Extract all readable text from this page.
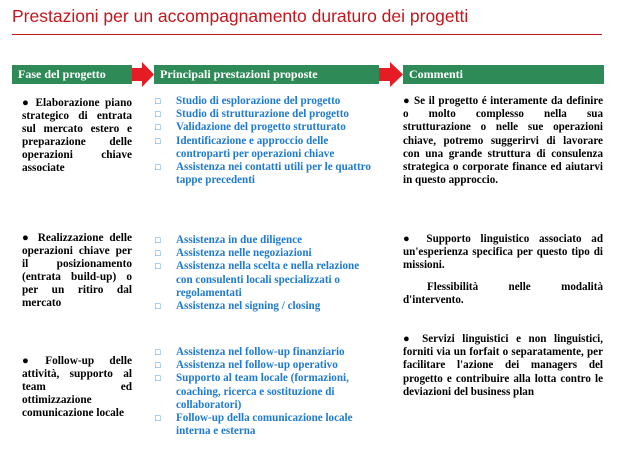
Prestazioni per un accompagnamento duraturo dei progetti
Fase del progetto	Principali prestazioni proposte	Commenti
● Elaborazione piano strategico di entrata sul mercato estero e preparazione delle operazioni chiave associate
□ Studio di esplorazione del progetto
□ Studio di strutturazione del progetto
□ Validazione del progetto strutturato
□ Identificazione e approccio delle controparti per operazioni chiave
□ Assistenza nei contatti utili per le quattro tappe precedenti
● Se il progetto é interamente da definire o molto complesso nella sua strutturazione o nelle sue operazioni chiave, potremo suggerirvi di lavorare con una grande struttura di consulenza strategica o corporate finance ed aiutarvi in questo approccio.
● Realizzazione delle operazioni chiave per il posizionamento (entrata build-up) o per un ritiro dal mercato
□ Assistenza in due diligence
□ Assistenza nelle negoziazioni
□ Assistenza nella scelta e nella relazione con consulenti locali specializzati o regolamentati
□ Assistenza nel signing / closing
● Supporto linguistico associato ad un'esperienza specifica per questo tipo di missioni.
Flessibilità nelle modalità d'intervento.
● Follow-up delle attività, supporto al team ed ottimizzazione comunicazione locale
□ Assistenza nel follow-up finanziario
□ Assistenza nel follow-up operativo
□ Supporto al team locale (formazioni, coaching, ricerca e sostituzione di collaboratori)
□ Follow-up della comunicazione locale interna e esterna
● Servizi linguistici e non linguistici, forniti via un forfait o separatamente, per facilitare l'azione dei managers del progetto e contribuire alla lotta contro le deviazioni del business plan
